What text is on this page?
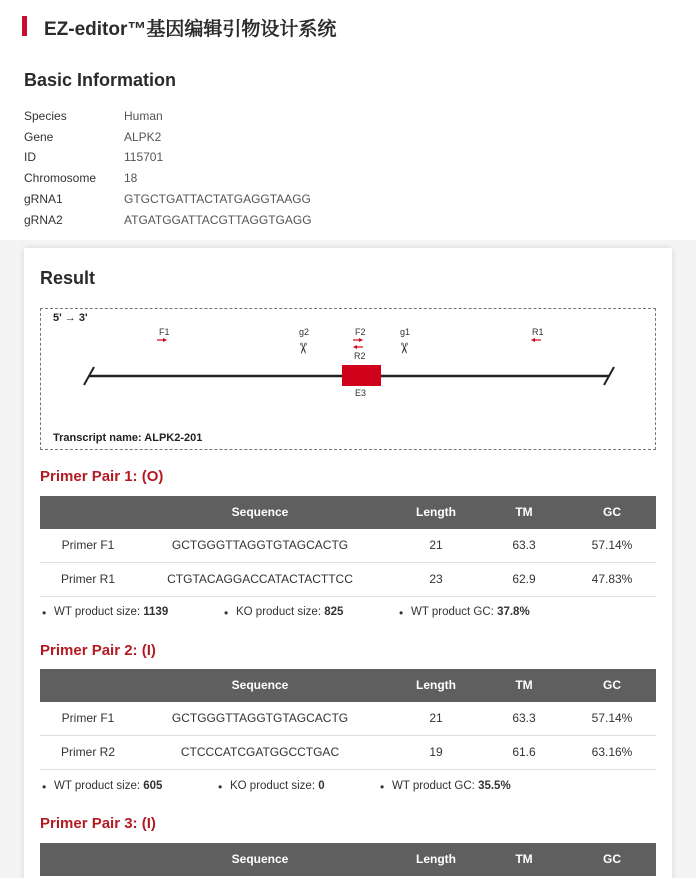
EZ-editor™基因编辑引物设计系统
Basic Information
Species	Human
Gene	ALPK2
ID	115701
Chromosome 18
gRNA1	GTGCTGATTACTATGAGGTAAGG
gRNA2	ATGATGGATTACGTTAGGTGAGG
Result
5' → 3'
F1	g2
✂
F2
R2
g1
✂
R1
E3
Transcript name: ALPK2-201
Primer Pair 1: (O)
Sequence	Length	TM	GC
Primer F1	GCTGGGTTAGGTGTAGCACTG	21	63.3	57.14%
Primer R1	CTGTACAGGACCATACTACTTCC	23	62.9	47.83%
• WT product size: 1139	• KO product size: 825	• WT product GC: 37.8%
Primer Pair 2: (I)
Sequence	Length	TM	GC
Primer F1	GCTGGGTTAGGTGTAGCACTG	21	63.3	57.14%
Primer R2	CTCCCATCGATGGCCTGAC	19	61.6	63.16%
• WT product size: 605	• KO product size: 0	• WT product GC: 35.5%
Primer Pair 3: (I)
Sequence	Length	TM	GC
